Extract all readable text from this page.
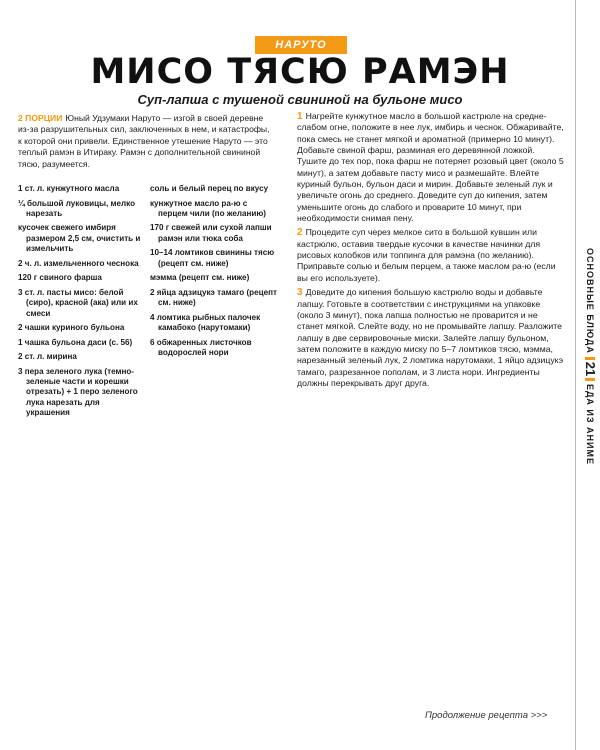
НАРУТО
МИСО ТЯСЮ РАМЭН
Суп-лапша с тушеной свининой на бульоне мисо

2 ПОРЦИИ Юный Удзумаки Наруто — изгой в своей деревне из-за разрушительных сил, заключенных в нем, и катастрофы, к которой они привели. Единственное утешение Наруто — это теплый рамэн в Итираку. Рамэн с дополнительной свининой тясю, разумеется.

1 ст. л. кунжутного масла
¼ большой луковицы, мелко нарезать
кусочек свежего имбиря размером 2,5 см, очистить и измельчить
2 ч. л. измельченного чеснока
120 г свиного фарша
3 ст. л. пасты мисо: белой (сиро), красной (ака) или их смеси
2 чашки куриного бульона
1 чашка бульона даси (с. 56)
2 ст. л. мирина
3 пера зеленого лука (темно-зеленые части и корешки отрезать) + 1 перо зеленого лука нарезать для украшения
соль и белый перец по вкусу
кунжутное масло ра-ю с перцем чили (по желанию)
170 г свежей или сухой лапши рамэн или тюка соба
10–14 ломтиков свинины тясю (рецепт см. ниже)
мэмма (рецепт см. ниже)
2 яйца адзицукэ тамаго (рецепт см. ниже)
4 ломтика рыбных палочек камабоко (нарутомаки)
6 обжаренных листочков водорослей нори

1 Нагрейте кунжутное масло в большой кастрюле на средне-слабом огне, положите в нее лук, имбирь и чеснок. Обжаривайте, пока смесь не станет мягкой и ароматной (примерно 10 минут). Добавьте свиной фарш, разминая его деревянной ложкой. Тушите до тех пор, пока фарш не потеряет розовый цвет (около 5 минут), а затем добавьте пасту мисо и размешайте. Влейте куриный бульон, бульон даси и мирин. Добавьте зеленый лук и увеличьте огонь до среднего. Доведите суп до кипения, затем уменьшите огонь до слабого и проварите 10 минут, при необходимости снимая пену.

2 Процедите суп через мелкое сито в большой кувшин или кастрюлю, оставив твердые кусочки в качестве начинки для рисовых колобков или топпинга для рамэна (по желанию). Приправьте солью и белым перцем, а также маслом ра-ю (если вы его используете).

3 Доведите до кипения большую кастрюлю воды и добавьте лапшу. Готовьте в соответствии с инструкциями на упаковке (около 3 минут), пока лапша полностью не проварится и не станет мягкой. Слейте воду, но не промывайте лапшу. Разложите лапшу в две сервировочные миски. Залейте лапшу бульоном, затем положите в каждую миску по 5–7 ломтиков тясю, мэмма, нарезанный зеленый лук, 2 ломтика нарутомаки, 1 яйцо адзицукэ тамаго, разрезанное пополам, и 3 листа нори. Ингредиенты должны перекрывать друг друга.

ОСНОВНЫЕ БЛЮДА
21
ЕДА ИЗ АНИМЕ
Продолжение рецепта >>>
